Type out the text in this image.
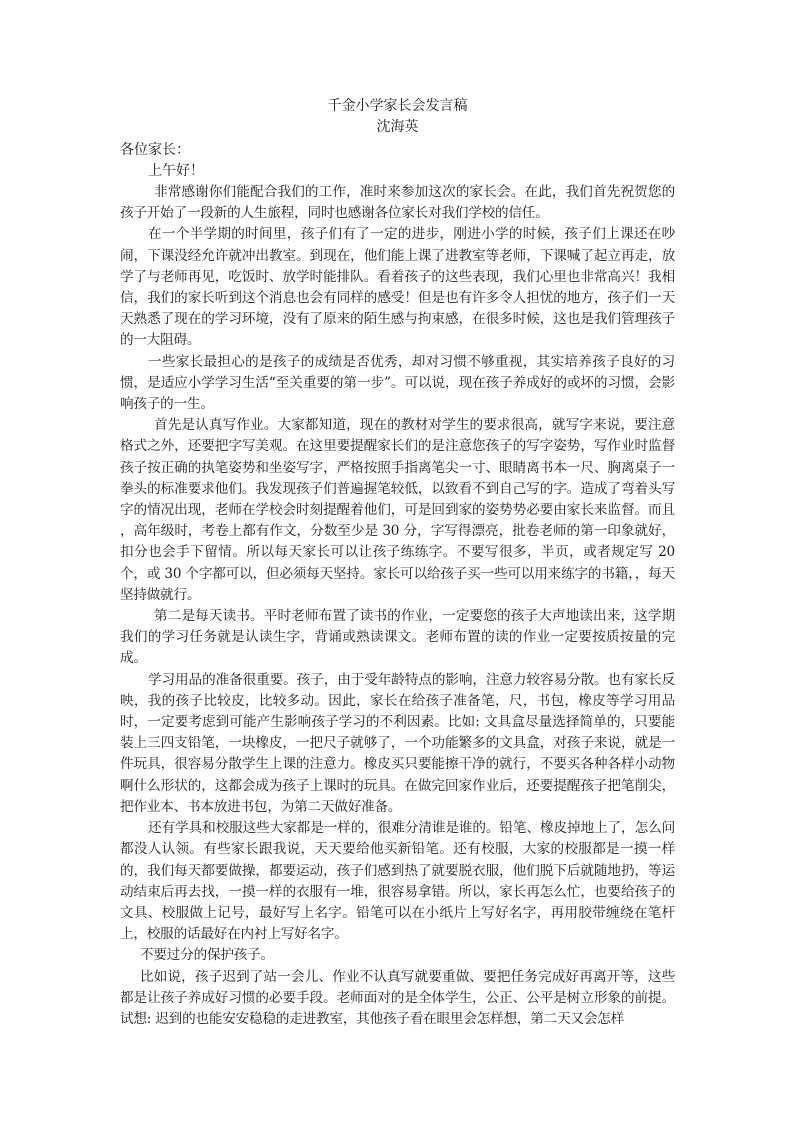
千金小学家长会发言稿

沈海英

各位家长：

上午好！

非常感谢你们能配合我们的工作，准时来参加这次的家长会。在此，我们首先祝贺您的孩子开始了一段新的人生旅程，同时也感谢各位家长对我们学校的信任。

在一个半学期的时间里，孩子们有了一定的进步，刚进小学的时候，孩子们上课还在吵闹，下课没经允许就冲出教室。到现在，他们能上课了进教室等老师，下课喊了起立再走，放学了与老师再见，吃饭时、放学时能排队。看着孩子的这些表现，我们心里也非常高兴！我相信，我们的家长听到这个消息也会有同样的感受！但是也有许多令人担忧的地方，孩子们一天天熟悉了现在的学习环境，没有了原来的陌生感与拘束感，在很多时候，这也是我们管理孩子的一大阻碍。

一些家长最担心的是孩子的成绩是否优秀，却对习惯不够重视，其实培养孩子良好的习惯，是适应小学学习生活“至关重要的第一步”。可以说，现在孩子养成好的或坏的习惯，会影响孩子的一生。

首先是认真写作业。大家都知道，现在的教材对学生的要求很高，就写字来说，要注意格式之外，还要把字写美观。在这里要提醒家长们的是注意您孩子的写字姿势，写作业时监督孩子按正确的执笔姿势和坐姿写字，严格按照手指离笔尖一寸、眼睛离书本一尺、胸离桌子一拳头的标准要求他们。我发现孩子们普遍握笔较低，以致看不到自己写的字。造成了弯着头写字的情况出现，老师在学校会时刻提醒着他们，可是回到家的姿势势必要由家长来监督。而且 ，高年级时，考卷上都有作文，分数至少是 30 分，字写得漂亮，批卷老师的第一印象就好，扣分也会手下留情。所以每天家长可以让孩子练练字。不要写很多，半页，或者规定写 20 个，或 30 个字都可以，但必须每天坚持。家长可以给孩子买一些可以用来练字的书籍，，每天坚持做就行。

第二是每天读书。平时老师布置了读书的作业，一定要您的孩子大声地读出来，这学期我们的学习任务就是认读生字，背诵或熟读课文。老师布置的读的作业一定要按质按量的完成。

学习用品的准备很重要。孩子，由于受年龄特点的影响，注意力较容易分散。也有家长反映，我的孩子比较皮，比较多动。因此，家长在给孩子准备笔，尺，书包，橡皮等学习用品时，一定要考虑到可能产生影响孩子学习的不利因素。比如: 文具盒尽量选择简单的，只要能装上三四支铅笔，一块橡皮，一把尺子就够了，一个功能繁多的文具盒，对孩子来说，就是一件玩具，很容易分散学生上课的注意力。橡皮买只要能擦干净的就行，不要买各种各样小动物啊什么形状的，这都会成为孩子上课时的玩具。在做完回家作业后，还要提醒孩子把笔削尖，把作业本、书本放进书包，为第二天做好准备。

还有学具和校服这些大家都是一样的，很难分清谁是谁的。铅笔、橡皮掉地上了，怎么问都没人认领。有些家长跟我说，天天要给他买新铅笔。还有校服，大家的校服都是一摸一样的，我们每天都要做操，都要运动，孩子们感到热了就要脱衣服，他们脱下后就随地扔，等运动结束后再去找，一摸一样的衣服有一堆，很容易拿错。所以，家长再怎么忙，也要给孩子的文具、校服做上记号，最好写上名字。铅笔可以在小纸片上写好名字，再用胶带缠绕在笔杆上，校服的话最好在内衬上写好名字。

不要过分的保护孩子。

比如说，孩子迟到了站一会儿、作业不认真写就要重做、要把任务完成好再离开等，这些都是让孩子养成好习惯的必要手段。老师面对的是全体学生，公正、公平是树立形象的前提。试想: 迟到的也能安安稳稳的走进教室，其他孩子看在眼里会怎样想，第二天又会怎样
